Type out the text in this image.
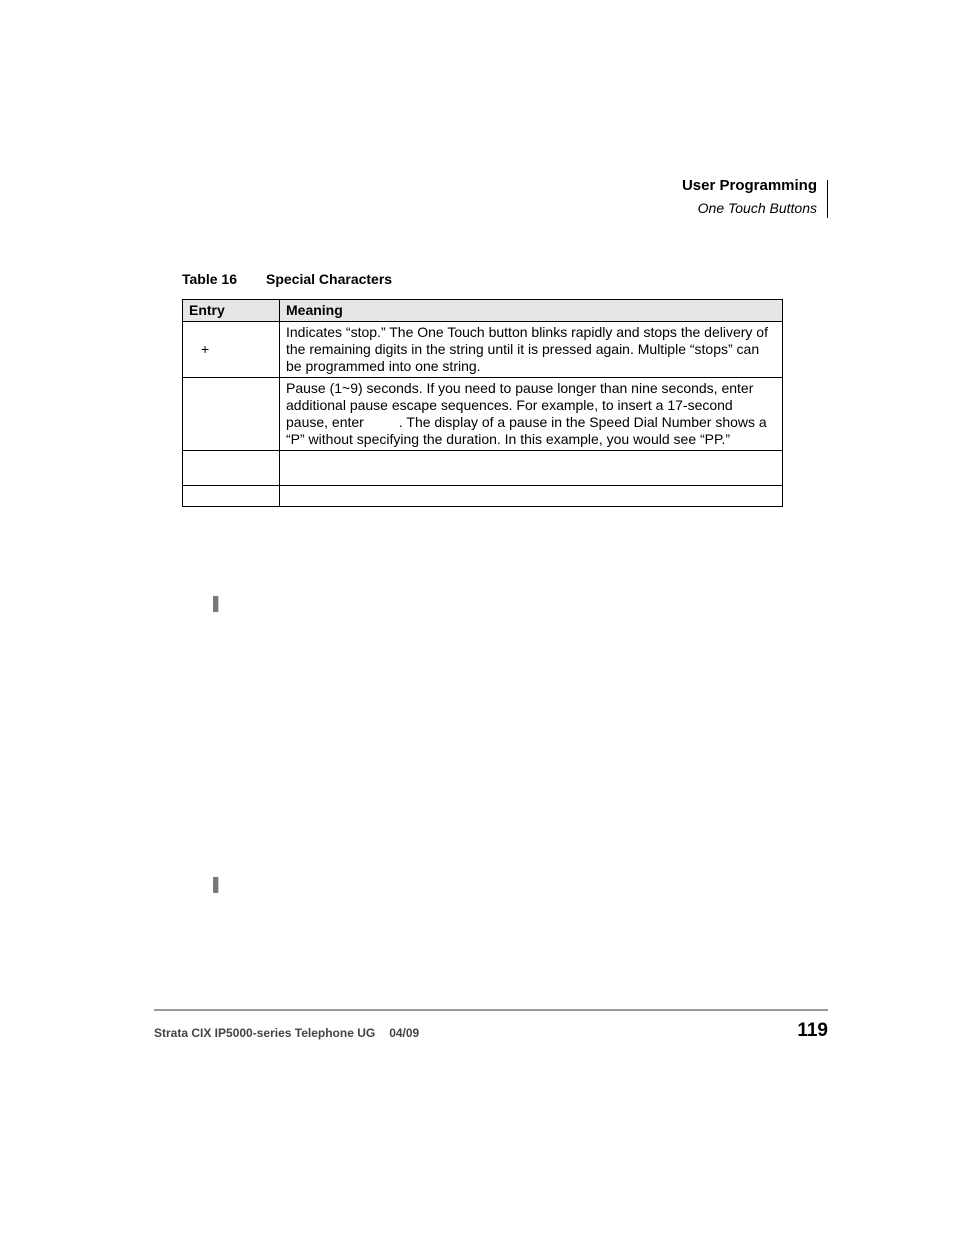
User Programming
One Touch Buttons
Table 16 Special Characters
Entry	Meaning
+	Indicates “stop.” The One Touch button blinks rapidly and stops the delivery of the remaining digits in the string until it is pressed again. Multiple “stops” can be programmed into one string.
	Pause (1~9) seconds. If you need to pause longer than nine seconds, enter additional pause escape sequences. For example, to insert a 17-second pause, enter . The display of a pause in the Speed Dial Number shows a “P” without specifying the duration. In this example, you would see “PP.”

❚
❚
Strata CIX IP5000-series Telephone UG 04/09	119
